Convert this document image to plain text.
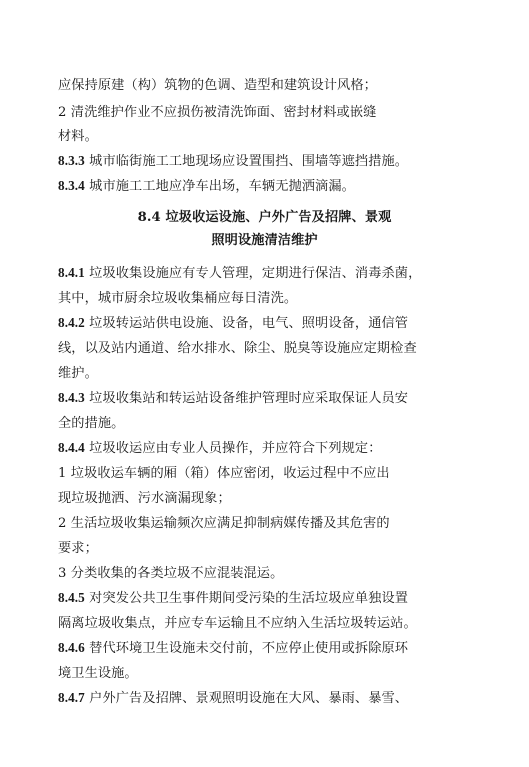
应保持原建（构）筑物的色调、造型和建筑设计风格；
2 清洗维护作业不应损伤被清洗饰面、密封材料或嵌缝
材料。
8.3.3 城市临街施工工地现场应设置围挡、围墙等遮挡措施。
8.3.4 城市施工工地应净车出场，车辆无抛洒滴漏。
8.4 垃圾收运设施、户外广告及招牌、景观
照明设施清洁维护
8.4.1 垃圾收集设施应有专人管理，定期进行保洁、消毒杀菌，
其中，城市厨余垃圾收集桶应每日清洗。
8.4.2 垃圾转运站供电设施、设备，电气、照明设备，通信管
线，以及站内通道、给水排水、除尘、脱臭等设施应定期检查
维护。
8.4.3 垃圾收集站和转运站设备维护管理时应采取保证人员安
全的措施。
8.4.4 垃圾收运应由专业人员操作，并应符合下列规定：
1 垃圾收运车辆的厢（箱）体应密闭，收运过程中不应出
现垃圾抛洒、污水滴漏现象；
2 生活垃圾收集运输频次应满足抑制病媒传播及其危害的
要求；
3 分类收集的各类垃圾不应混装混运。
8.4.5 对突发公共卫生事件期间受污染的生活垃圾应单独设置
隔离垃圾收集点，并应专车运输且不应纳入生活垃圾转运站。
8.4.6 替代环境卫生设施未交付前，不应停止使用或拆除原环
境卫生设施。
8.4.7 户外广告及招牌、景观照明设施在大风、暴雨、暴雪、
